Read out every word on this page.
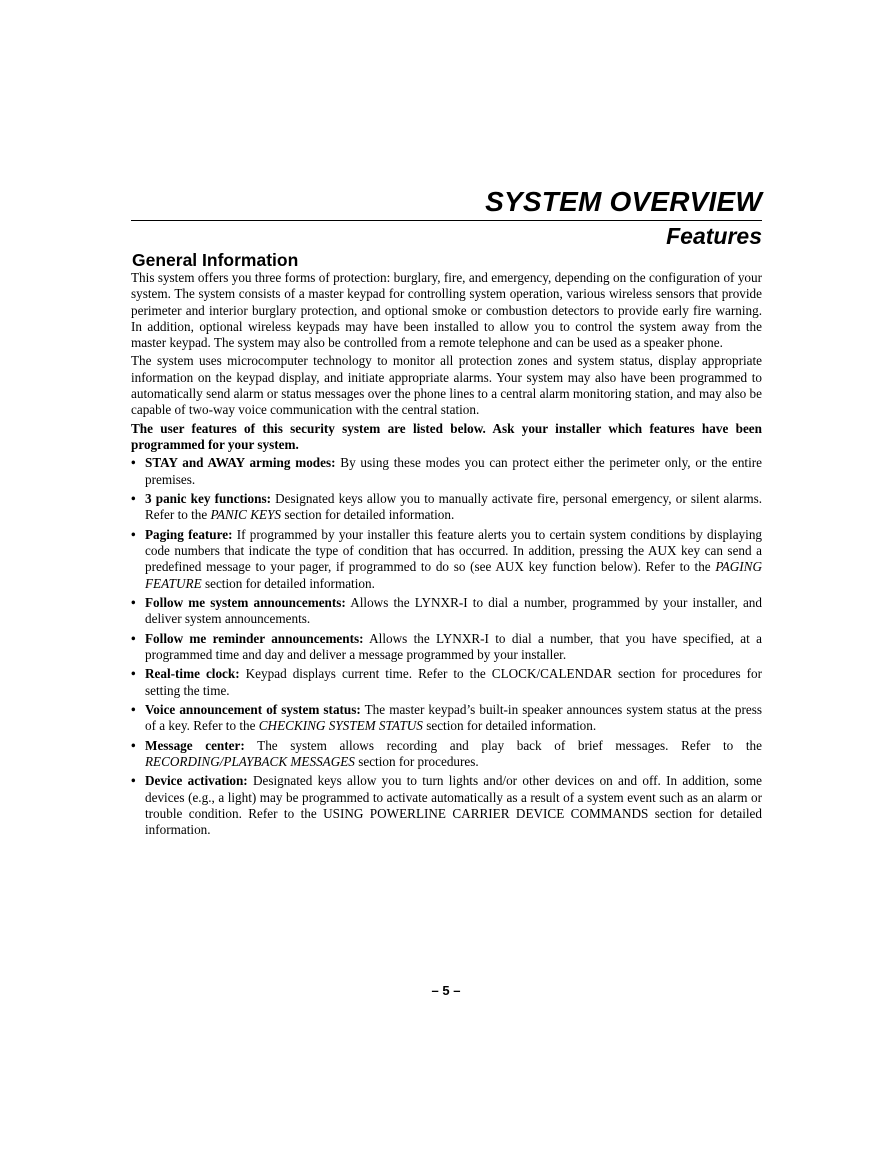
SYSTEM OVERVIEW
Features
General Information

This system offers you three forms of protection: burglary, fire, and emergency, depending on the configuration of your system. The system consists of a master keypad for controlling system operation, various wireless sensors that provide perimeter and interior burglary protection, and optional smoke or combustion detectors to provide early fire warning. In addition, optional wireless keypads may have been installed to allow you to control the system away from the master keypad. The system may also be controlled from a remote telephone and can be used as a speaker phone.

The system uses microcomputer technology to monitor all protection zones and system status, display appropriate information on the keypad display, and initiate appropriate alarms. Your system may also have been programmed to automatically send alarm or status messages over the phone lines to a central alarm monitoring station, and may also be capable of two-way voice communication with the central station.

The user features of this security system are listed below. Ask your installer which features have been programmed for your system.

• STAY and AWAY arming modes: By using these modes you can protect either the perimeter only, or the entire premises.
• 3 panic key functions: Designated keys allow you to manually activate fire, personal emergency, or silent alarms. Refer to the PANIC KEYS section for detailed information.
• Paging feature: If programmed by your installer this feature alerts you to certain system conditions by displaying code numbers that indicate the type of condition that has occurred. In addition, pressing the AUX key can send a predefined message to your pager, if programmed to do so (see AUX key function below). Refer to the PAGING FEATURE section for detailed information.
• Follow me system announcements: Allows the LYNXR-I to dial a number, programmed by your installer, and deliver system announcements.
• Follow me reminder announcements: Allows the LYNXR-I to dial a number, that you have specified, at a programmed time and day and deliver a message programmed by your installer.
• Real-time clock: Keypad displays current time. Refer to the CLOCK/CALENDAR section for procedures for setting the time.
• Voice announcement of system status: The master keypad’s built-in speaker announces system status at the press of a key. Refer to the CHECKING SYSTEM STATUS section for detailed information.
• Message center: The system allows recording and play back of brief messages. Refer to the RECORDING/PLAYBACK MESSAGES section for procedures.
• Device activation: Designated keys allow you to turn lights and/or other devices on and off. In addition, some devices (e.g., a light) may be programmed to activate automatically as a result of a system event such as an alarm or trouble condition. Refer to the USING POWERLINE CARRIER DEVICE COMMANDS section for detailed information.
– 5 –
